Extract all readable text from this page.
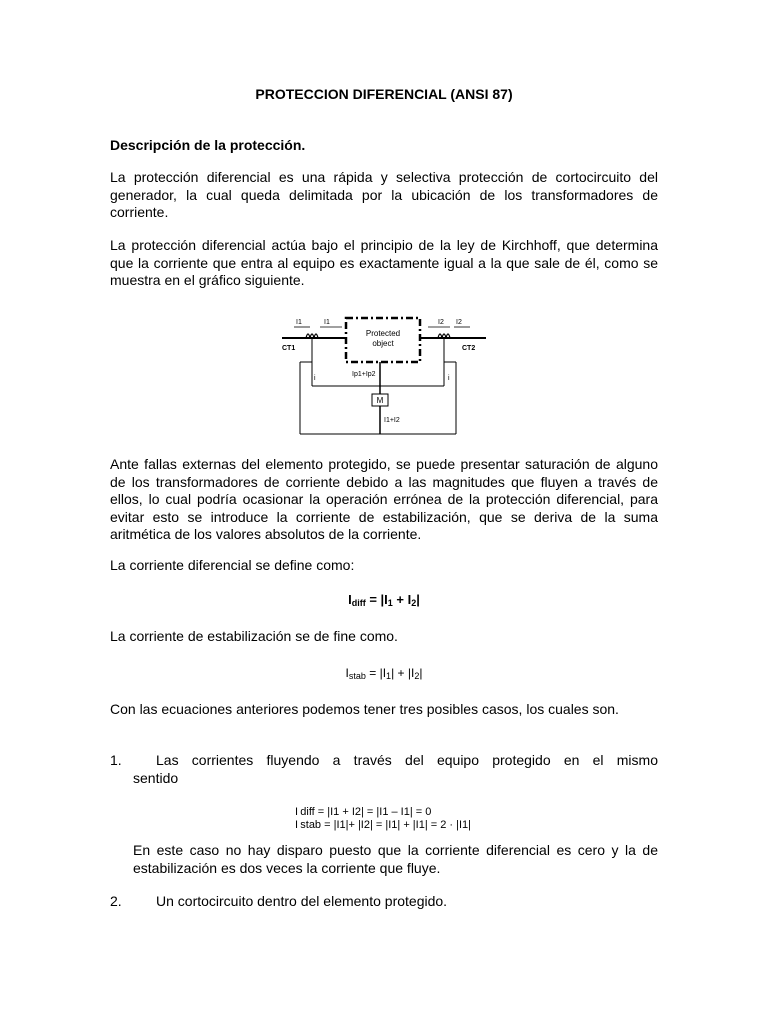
PROTECCION DIFERENCIAL (ANSI 87)
Descripción de la protección.
La protección diferencial es una rápida y selectiva protección de cortocircuito del generador, la cual queda delimitada por la ubicación de los transformadores de corriente.
La protección diferencial actúa bajo el principio de la ley de Kirchhoff, que determina que la corriente que entra al equipo es exactamente igual a la que sale de él, como se muestra en el gráfico siguiente.
Protected
object
CT1	CT2
I1	I1	I2 I2
i	i
Ip1+Ip2
M
I1+I2
Ante fallas externas del elemento protegido, se puede presentar saturación de alguno de los transformadores de corriente debido a las magnitudes que fluyen a través de ellos, lo cual podría ocasionar la operación errónea de la protección diferencial, para evitar esto se introduce la corriente de estabilización, que se deriva de la suma aritmética de los valores absolutos de la corriente.
La corriente diferencial se define como:
$I_{diff} = |I_1 + I_2|$
La corriente de estabilización se de fine como.
$I_{stab} = |I_1| + |I_2|$
Con las ecuaciones anteriores podemos tener tres posibles casos, los cuales son.
1. Las corrientes fluyendo a través del equipo protegido en el mismo
sentido
I diff = |I1 + I2| = |I1 – I1| = 0
I stab = |I1|+ |I2| = |I1| + |I1| = 2 · |I1|
En este caso no hay disparo puesto que la corriente diferencial es cero y la de estabilización es dos veces la corriente que fluye.
2. Un cortocircuito dentro del elemento protegido.
